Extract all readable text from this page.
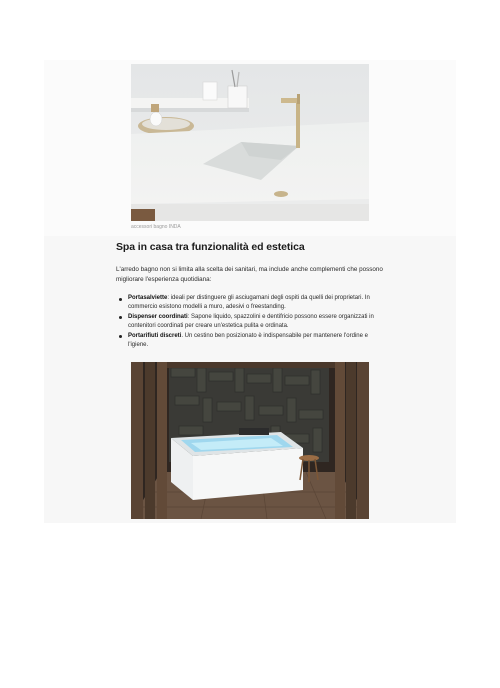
accessori bagno INDA
Spa in casa tra funzionalità ed estetica

L'arredo bagno non si limita alla scelta dei sanitari, ma include anche complementi che possono migliorare l'esperienza quotidiana:

Portasalviette: ideali per distinguere gli asciugamani degli ospiti da quelli dei proprietari. In commercio esistono modelli a muro, adesivi o freestanding.
Dispenser coordinati: Sapone liquido, spazzolini e dentifricio possono essere organizzati in contenitori coordinati per creare un'estetica pulita e ordinata.
Portarifiuti discreti. Un cestino ben posizionato è indispensabile per mantenere l'ordine e l'igiene.
